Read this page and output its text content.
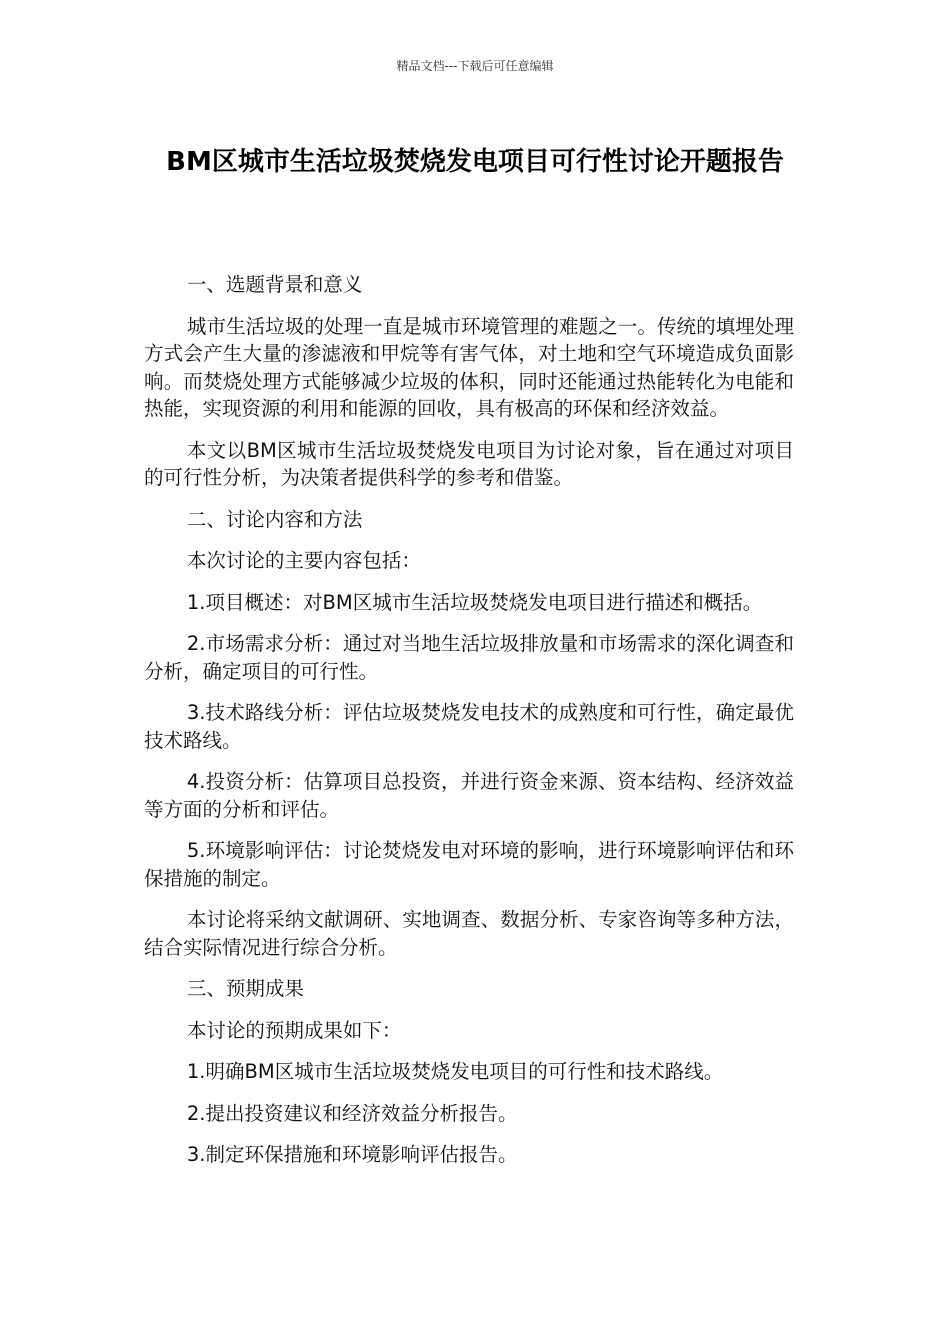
精品文档---下载后可任意编辑
BM区城市生活垃圾焚烧发电项目可行性讨论开题报告

一、选题背景和意义

城市生活垃圾的处理一直是城市环境管理的难题之一。传统的填埋处理方式会产生大量的渗滤液和甲烷等有害气体，对土地和空气环境造成负面影响。而焚烧处理方式能够减少垃圾的体积，同时还能通过热能转化为电能和热能，实现资源的利用和能源的回收，具有极高的环保和经济效益。

本文以BM区城市生活垃圾焚烧发电项目为讨论对象，旨在通过对项目的可行性分析，为决策者提供科学的参考和借鉴。

二、讨论内容和方法

本次讨论的主要内容包括：

1.项目概述：对BM区城市生活垃圾焚烧发电项目进行描述和概括。

2.市场需求分析：通过对当地生活垃圾排放量和市场需求的深化调查和分析，确定项目的可行性。

3.技术路线分析：评估垃圾焚烧发电技术的成熟度和可行性，确定最优技术路线。

4.投资分析：估算项目总投资，并进行资金来源、资本结构、经济效益等方面的分析和评估。

5.环境影响评估：讨论焚烧发电对环境的影响，进行环境影响评估和环保措施的制定。

本讨论将采纳文献调研、实地调查、数据分析、专家咨询等多种方法，结合实际情况进行综合分析。

三、预期成果

本讨论的预期成果如下：

1.明确BM区城市生活垃圾焚烧发电项目的可行性和技术路线。

2.提出投资建议和经济效益分析报告。

3.制定环保措施和环境影响评估报告。
